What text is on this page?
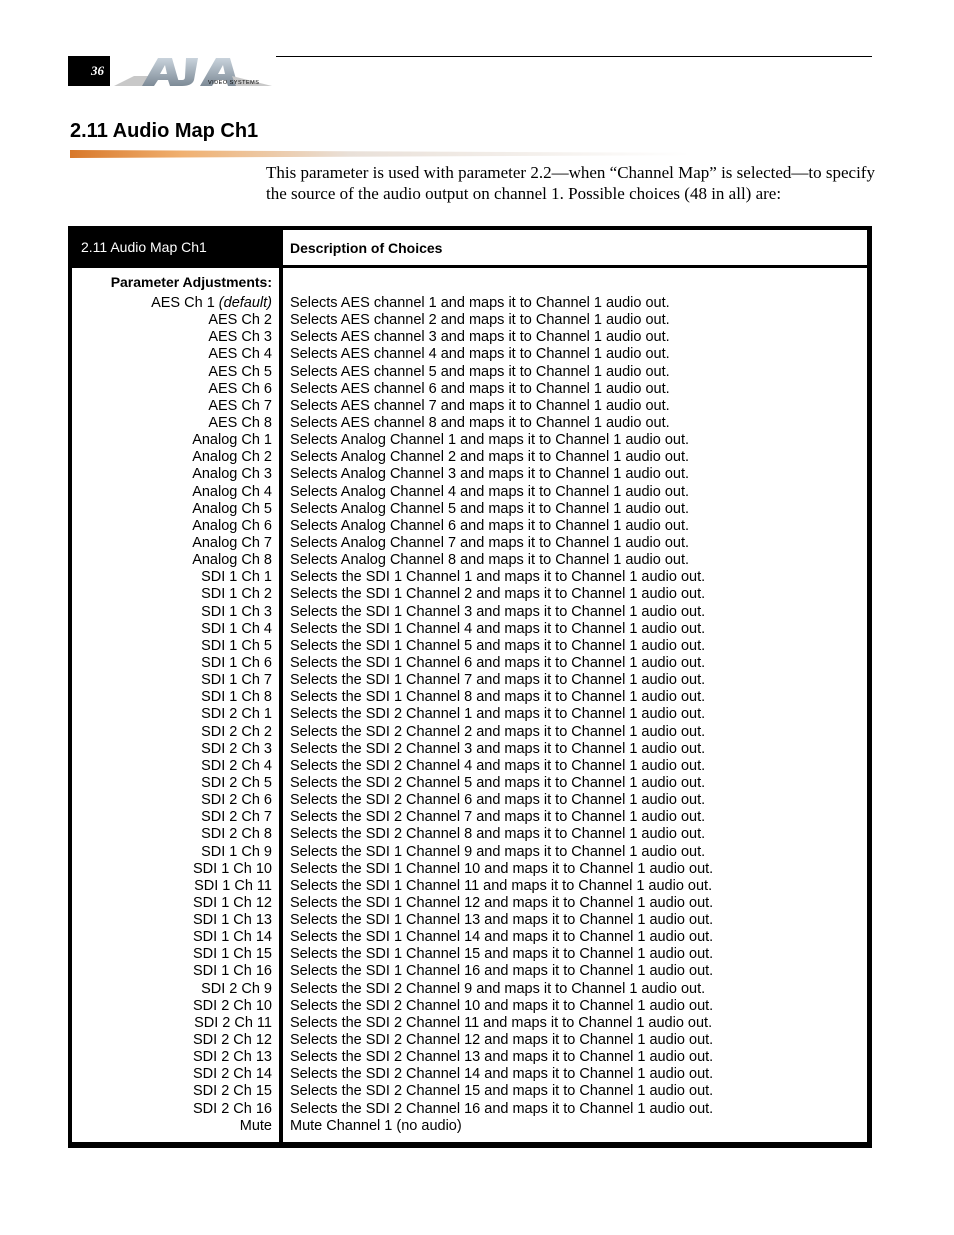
36
VIDEO SYSTEMS
2.11 Audio Map Ch1

This parameter is used with parameter 2.2—when “Channel Map” is selected—to specify the source of the audio output on channel 1. Possible choices (48 in all) are:

2.11 Audio Map Ch1	Description of Choices
Parameter Adjustments:
AES Ch 1 (default)
AES Ch 2
AES Ch 3
AES Ch 4
AES Ch 5
AES Ch 6
AES Ch 7
AES Ch 8
Analog Ch 1
Analog Ch 2
Analog Ch 3
Analog Ch 4
Analog Ch 5
Analog Ch 6
Analog Ch 7
Analog Ch 8
SDI 1 Ch 1
SDI 1 Ch 2
SDI 1 Ch 3
SDI 1 Ch 4
SDI 1 Ch 5
SDI 1 Ch 6
SDI 1 Ch 7
SDI 1 Ch 8
SDI 2 Ch 1
SDI 2 Ch 2
SDI 2 Ch 3
SDI 2 Ch 4
SDI 2 Ch 5
SDI 2 Ch 6
SDI 2 Ch 7
SDI 2 Ch 8
SDI 1 Ch 9
SDI 1 Ch 10
SDI 1 Ch 11
SDI 1 Ch 12
SDI 1 Ch 13
SDI 1 Ch 14
SDI 1 Ch 15
SDI 1 Ch 16
SDI 2 Ch 9
SDI 2 Ch 10
SDI 2 Ch 11
SDI 2 Ch 12
SDI 2 Ch 13
SDI 2 Ch 14
SDI 2 Ch 15
SDI 2 Ch 16
Mute
Selects AES channel 1 and maps it to Channel 1 audio out.
Selects AES channel 2 and maps it to Channel 1 audio out.
Selects AES channel 3 and maps it to Channel 1 audio out.
Selects AES channel 4 and maps it to Channel 1 audio out.
Selects AES channel 5 and maps it to Channel 1 audio out.
Selects AES channel 6 and maps it to Channel 1 audio out.
Selects AES channel 7 and maps it to Channel 1 audio out.
Selects AES channel 8 and maps it to Channel 1 audio out.
Selects Analog Channel 1 and maps it to Channel 1 audio out.
Selects Analog Channel 2 and maps it to Channel 1 audio out.
Selects Analog Channel 3 and maps it to Channel 1 audio out.
Selects Analog Channel 4 and maps it to Channel 1 audio out.
Selects Analog Channel 5 and maps it to Channel 1 audio out.
Selects Analog Channel 6 and maps it to Channel 1 audio out.
Selects Analog Channel 7 and maps it to Channel 1 audio out.
Selects Analog Channel 8 and maps it to Channel 1 audio out.
Selects the SDI 1 Channel 1 and maps it to Channel 1 audio out.
Selects the SDI 1 Channel 2 and maps it to Channel 1 audio out.
Selects the SDI 1 Channel 3 and maps it to Channel 1 audio out.
Selects the SDI 1 Channel 4 and maps it to Channel 1 audio out.
Selects the SDI 1 Channel 5 and maps it to Channel 1 audio out.
Selects the SDI 1 Channel 6 and maps it to Channel 1 audio out.
Selects the SDI 1 Channel 7 and maps it to Channel 1 audio out.
Selects the SDI 1 Channel 8 and maps it to Channel 1 audio out.
Selects the SDI 2 Channel 1 and maps it to Channel 1 audio out.
Selects the SDI 2 Channel 2 and maps it to Channel 1 audio out.
Selects the SDI 2 Channel 3 and maps it to Channel 1 audio out.
Selects the SDI 2 Channel 4 and maps it to Channel 1 audio out.
Selects the SDI 2 Channel 5 and maps it to Channel 1 audio out.
Selects the SDI 2 Channel 6 and maps it to Channel 1 audio out.
Selects the SDI 2 Channel 7 and maps it to Channel 1 audio out.
Selects the SDI 2 Channel 8 and maps it to Channel 1 audio out.
Selects the SDI 1 Channel 9 and maps it to Channel 1 audio out.
Selects the SDI 1 Channel 10 and maps it to Channel 1 audio out.
Selects the SDI 1 Channel 11 and maps it to Channel 1 audio out.
Selects the SDI 1 Channel 12 and maps it to Channel 1 audio out.
Selects the SDI 1 Channel 13 and maps it to Channel 1 audio out.
Selects the SDI 1 Channel 14 and maps it to Channel 1 audio out.
Selects the SDI 1 Channel 15 and maps it to Channel 1 audio out.
Selects the SDI 1 Channel 16 and maps it to Channel 1 audio out.
Selects the SDI 2 Channel 9 and maps it to Channel 1 audio out.
Selects the SDI 2 Channel 10 and maps it to Channel 1 audio out.
Selects the SDI 2 Channel 11 and maps it to Channel 1 audio out.
Selects the SDI 2 Channel 12 and maps it to Channel 1 audio out.
Selects the SDI 2 Channel 13 and maps it to Channel 1 audio out.
Selects the SDI 2 Channel 14 and maps it to Channel 1 audio out.
Selects the SDI 2 Channel 15 and maps it to Channel 1 audio out.
Selects the SDI 2 Channel 16 and maps it to Channel 1 audio out.
Mute Channel 1 (no audio)
